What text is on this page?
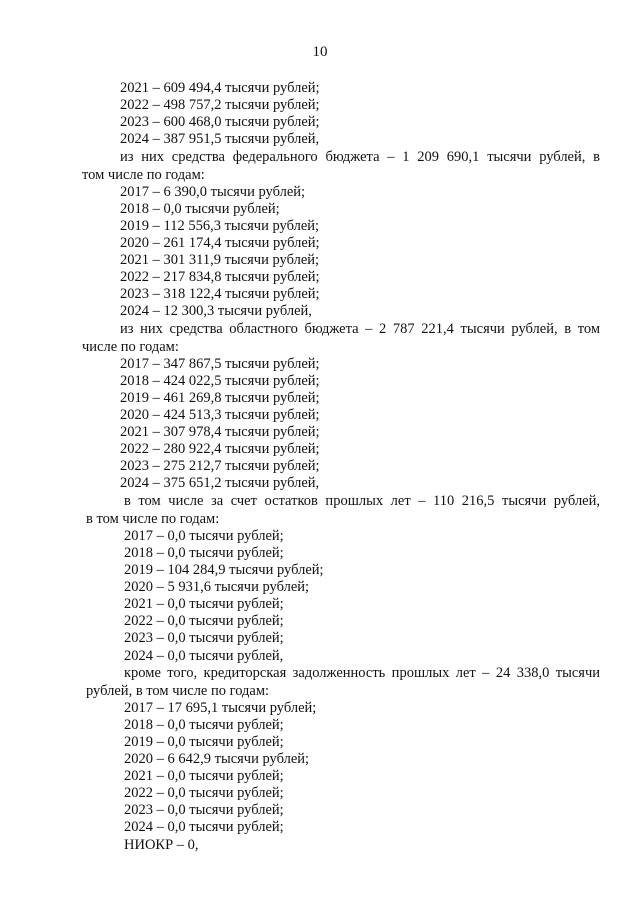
10
2021 – 609 494,4 тысячи рублей;
2022 – 498 757,2 тысячи рублей;
2023 – 600 468,0 тысячи рублей;
2024 – 387 951,5 тысячи рублей,
из них средства федерального бюджета – 1 209 690,1 тысячи рублей, в
том числе по годам:
2017 – 6 390,0 тысячи рублей;
2018 – 0,0 тысячи рублей;
2019 – 112 556,3 тысячи рублей;
2020 – 261 174,4 тысячи рублей;
2021 – 301 311,9 тысячи рублей;
2022 – 217 834,8 тысячи рублей;
2023 – 318 122,4 тысячи рублей;
2024 – 12 300,3 тысячи рублей,
из них средства областного бюджета – 2 787 221,4 тысячи рублей, в том
числе по годам:
2017 – 347 867,5 тысячи рублей;
2018 – 424 022,5 тысячи рублей;
2019 – 461 269,8 тысячи рублей;
2020 – 424 513,3 тысячи рублей;
2021 – 307 978,4 тысячи рублей;
2022 – 280 922,4 тысячи рублей;
2023 – 275 212,7 тысячи рублей;
2024 – 375 651,2 тысячи рублей,
в том числе за счет остатков прошлых лет – 110 216,5 тысячи рублей,
в том числе по годам:
2017 – 0,0 тысячи рублей;
2018 – 0,0 тысячи рублей;
2019 – 104 284,9 тысячи рублей;
2020 – 5 931,6 тысячи рублей;
2021 – 0,0 тысячи рублей;
2022 – 0,0 тысячи рублей;
2023 – 0,0 тысячи рублей;
2024 – 0,0 тысячи рублей,
кроме того, кредиторская задолженность прошлых лет – 24 338,0 тысячи
рублей, в том числе по годам:
2017 – 17 695,1 тысячи рублей;
2018 – 0,0 тысячи рублей;
2019 – 0,0 тысячи рублей;
2020 – 6 642,9 тысячи рублей;
2021 – 0,0 тысячи рублей;
2022 – 0,0 тысячи рублей;
2023 – 0,0 тысячи рублей;
2024 – 0,0 тысячи рублей;
НИОКР – 0,
